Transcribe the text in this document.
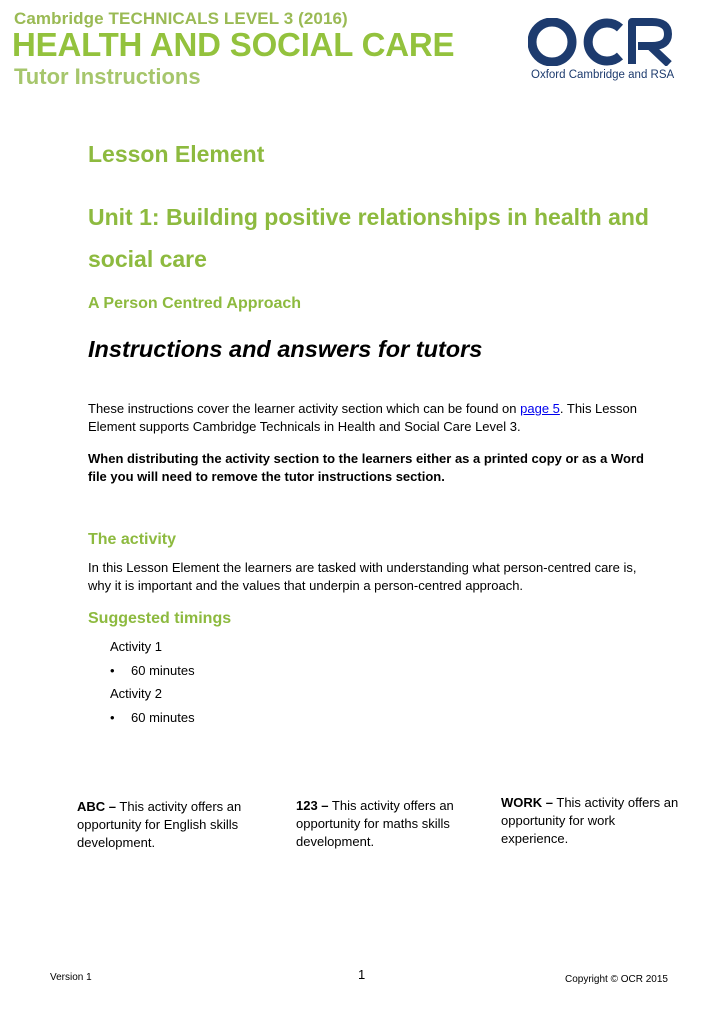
Cambridge TECHNICALS LEVEL 3 (2016)
HEALTH AND SOCIAL CARE
Tutor Instructions	Oxford Cambridge and RSA
Lesson Element
Unit 1: Building positive relationships in health and social care
A Person Centred Approach
Instructions and answers for tutors
These instructions cover the learner activity section which can be found on page 5. This Lesson Element supports Cambridge Technicals in Health and Social Care Level 3.
When distributing the activity section to the learners either as a printed copy or as a Word file you will need to remove the tutor instructions section.
The activity
In this Lesson Element the learners are tasked with understanding what person-centred care is, why it is important and the values that underpin a person-centred approach.
Suggested timings
Activity 1
• 60 minutes
Activity 2
• 60 minutes
ABC – This activity offers an opportunity for English skills development.
123 – This activity offers an opportunity for maths skills development.
WORK – This activity offers an opportunity for work experience.
Version 1	1	Copyright © OCR 2015
